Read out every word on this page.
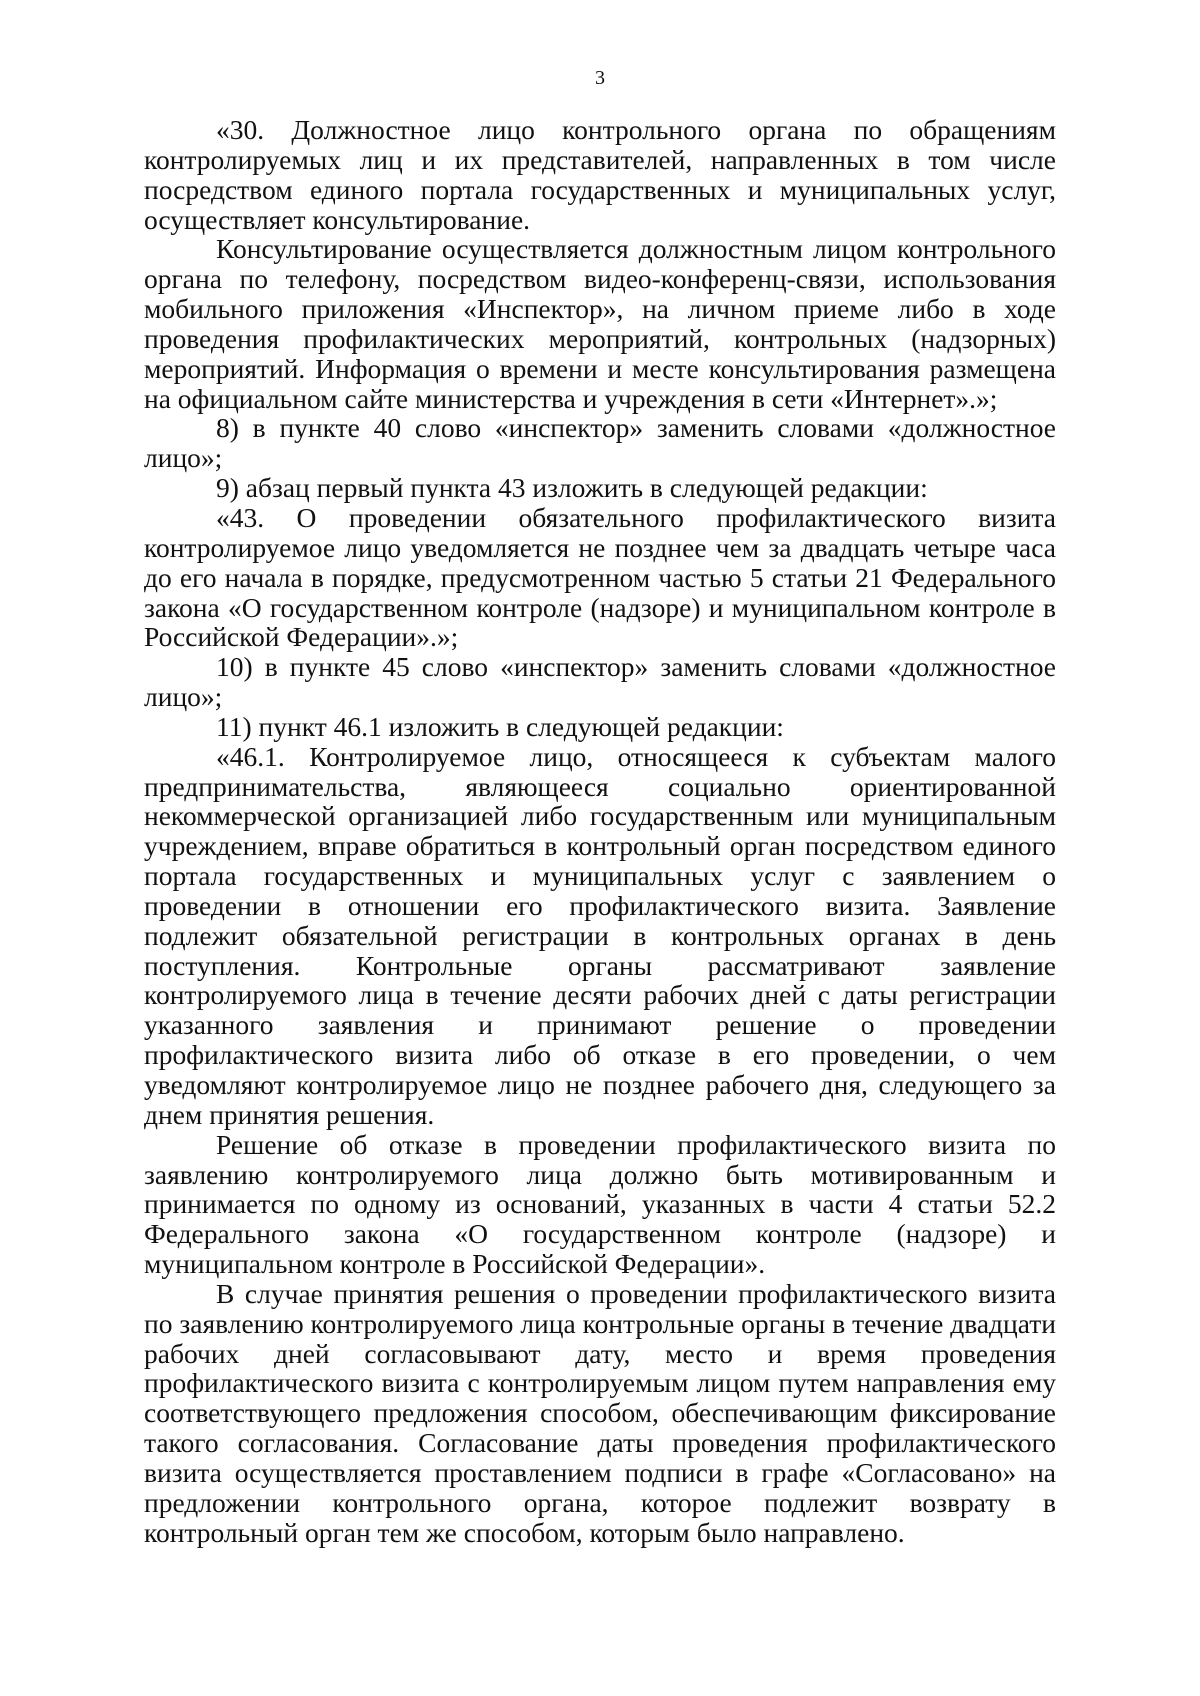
3

«30. Должностное лицо контрольного органа по обращениям контролируемых лиц и их представителей, направленных в том числе посредством единого портала государственных и муниципальных услуг, осуществляет консультирование.

Консультирование осуществляется должностным лицом контрольного органа по телефону, посредством видео-конференц-связи, использования мобильного приложения «Инспектор», на личном приеме либо в ходе проведения профилактических мероприятий, контрольных (надзорных) мероприятий. Информация о времени и месте консультирования размещена на официальном сайте министерства и учреждения в сети «Интернет».»;

8) в пункте 40 слово «инспектор» заменить словами «должностное лицо»;

9) абзац первый пункта 43 изложить в следующей редакции:

«43. О проведении обязательного профилактического визита контролируемое лицо уведомляется не позднее чем за двадцать четыре часа до его начала в порядке, предусмотренном частью 5 статьи 21 Федерального закона «О государственном контроле (надзоре) и муниципальном контроле в Российской Федерации».»;

10) в пункте 45 слово «инспектор» заменить словами «должностное лицо»;

11) пункт 46.1 изложить в следующей редакции:

«46.1. Контролируемое лицо, относящееся к субъектам малого предпринимательства, являющееся социально ориентированной некоммерческой организацией либо государственным или муниципальным учреждением, вправе обратиться в контрольный орган посредством единого портала государственных и муниципальных услуг с заявлением о проведении в отношении его профилактического визита. Заявление подлежит обязательной регистрации в контрольных органах в день поступления. Контрольные органы рассматривают заявление контролируемого лица в течение десяти рабочих дней с даты регистрации указанного заявления и принимают решение о проведении профилактического визита либо об отказе в его проведении, о чем уведомляют контролируемое лицо не позднее рабочего дня, следующего за днем принятия решения.

Решение об отказе в проведении профилактического визита по заявлению контролируемого лица должно быть мотивированным и принимается по одному из оснований, указанных в части 4 статьи 52.2 Федерального закона «О государственном контроле (надзоре) и муниципальном контроле в Российской Федерации».

В случае принятия решения о проведении профилактического визита по заявлению контролируемого лица контрольные органы в течение двадцати рабочих дней согласовывают дату, место и время проведения профилактического визита с контролируемым лицом путем направления ему соответствующего предложения способом, обеспечивающим фиксирование такого согласования. Согласование даты проведения профилактического визита осуществляется проставлением подписи в графе «Согласовано» на предложении контрольного органа, которое подлежит возврату в контрольный орган тем же способом, которым было направлено.
